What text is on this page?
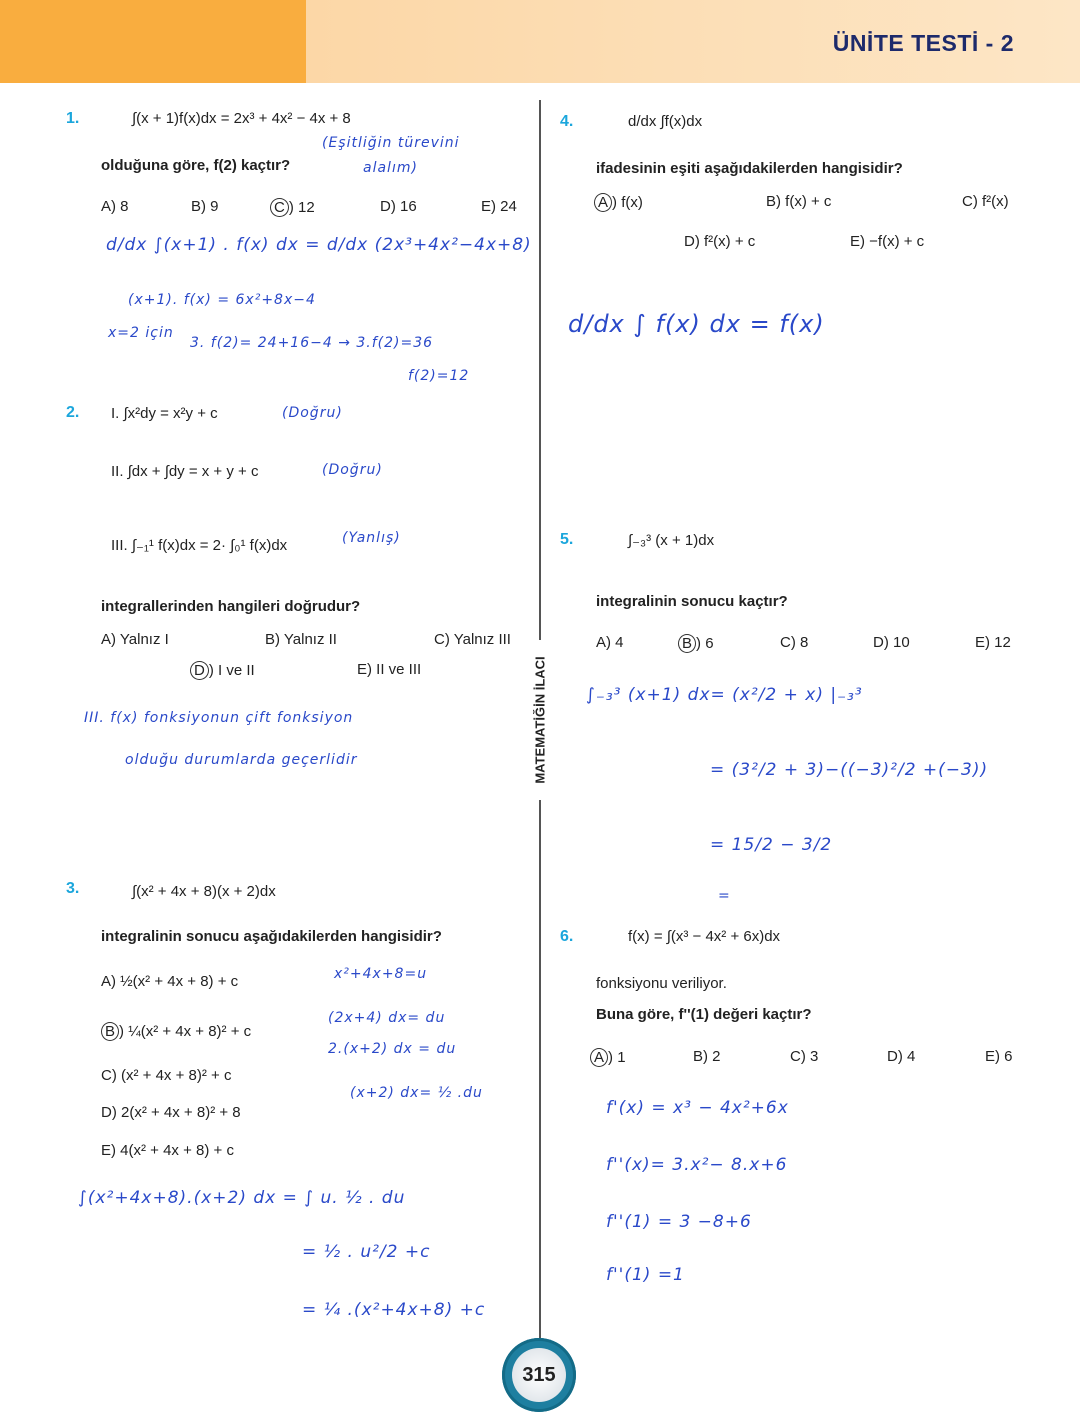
ÜNİTE TESTİ - 2
MATEMATİĞİN İLACI
1.	∫(x + 1)f(x)dx = 2x³ + 4x² − 4x + 8
olduğuna göre, f(2) kaçtır?
(Eşitliğin türevini
alalım)
A) 8	B) 9	C ) 12	D) 16	E) 24
d/dx ∫(x+1) . f(x) dx = d/dx (2x³+4x²−4x+8)
(x+1). f(x) = 6x²+8x−4
x=2 için
3. f(2)= 24+16−4 → 3.f(2)=36
f(2)=12
2. I. ∫x²dy = x²y + c	(Doğru)
II. ∫dx + ∫dy = x + y + c	(Doğru)
III. ∫₋₁¹ f(x)dx = 2· ∫₀¹ f(x)dx	(Yanlış)
integrallerinden hangileri doğrudur?
A) Yalnız I	B) Yalnız II	C) Yalnız III
D ) I ve II	E) II ve III
III. f(x) fonksiyonun çift fonksiyon
olduğu durumlarda geçerlidir
3.	∫(x² + 4x + 8)(x + 2)dx
integralinin sonucu aşağıdakilerden hangisidir?
A) ½(x² + 4x + 8) + c
B ) ¼(x² + 4x + 8)² + c
C) (x² + 4x + 8)² + c
D) 2(x² + 4x + 8)² + 8
E) 4(x² + 4x + 8) + c
x²+4x+8=u
(2x+4) dx= du
2.(x+2) dx = du
(x+2) dx= ½ .du
∫(x²+4x+8).(x+2) dx = ∫ u. ½ . du
= ½ . u²/2 +c
= ¼ .(x²+4x+8) +c
4.	d/dx ∫f(x)dx
ifadesinin eşiti aşağıdakilerden hangisidir?
A ) f(x)	B) f(x) + c	C) f²(x)
D) f²(x) + c	E) −f(x) + c
d/dx ∫ f(x) dx = f(x)
5.	∫₋₃³ (x + 1)dx
integralinin sonucu kaçtır?
A) 4	B ) 6	C) 8	D) 10	E) 12
∫₋₃³ (x+1) dx= (x²/2 + x) |₋₃³
= (3²/2 + 3)−((−3)²/2 +(−3))
= 15/2 − 3/2
=
6.	f(x) = ∫(x³ − 4x² + 6x)dx
fonksiyonu veriliyor.
Buna göre, f''(1) değeri kaçtır?
A ) 1	B) 2	C) 3	D) 4	E) 6
f'(x) = x³ − 4x²+6x
f''(x)= 3.x²− 8.x+6
f''(1) = 3 −8+6
f''(1) =1
315
